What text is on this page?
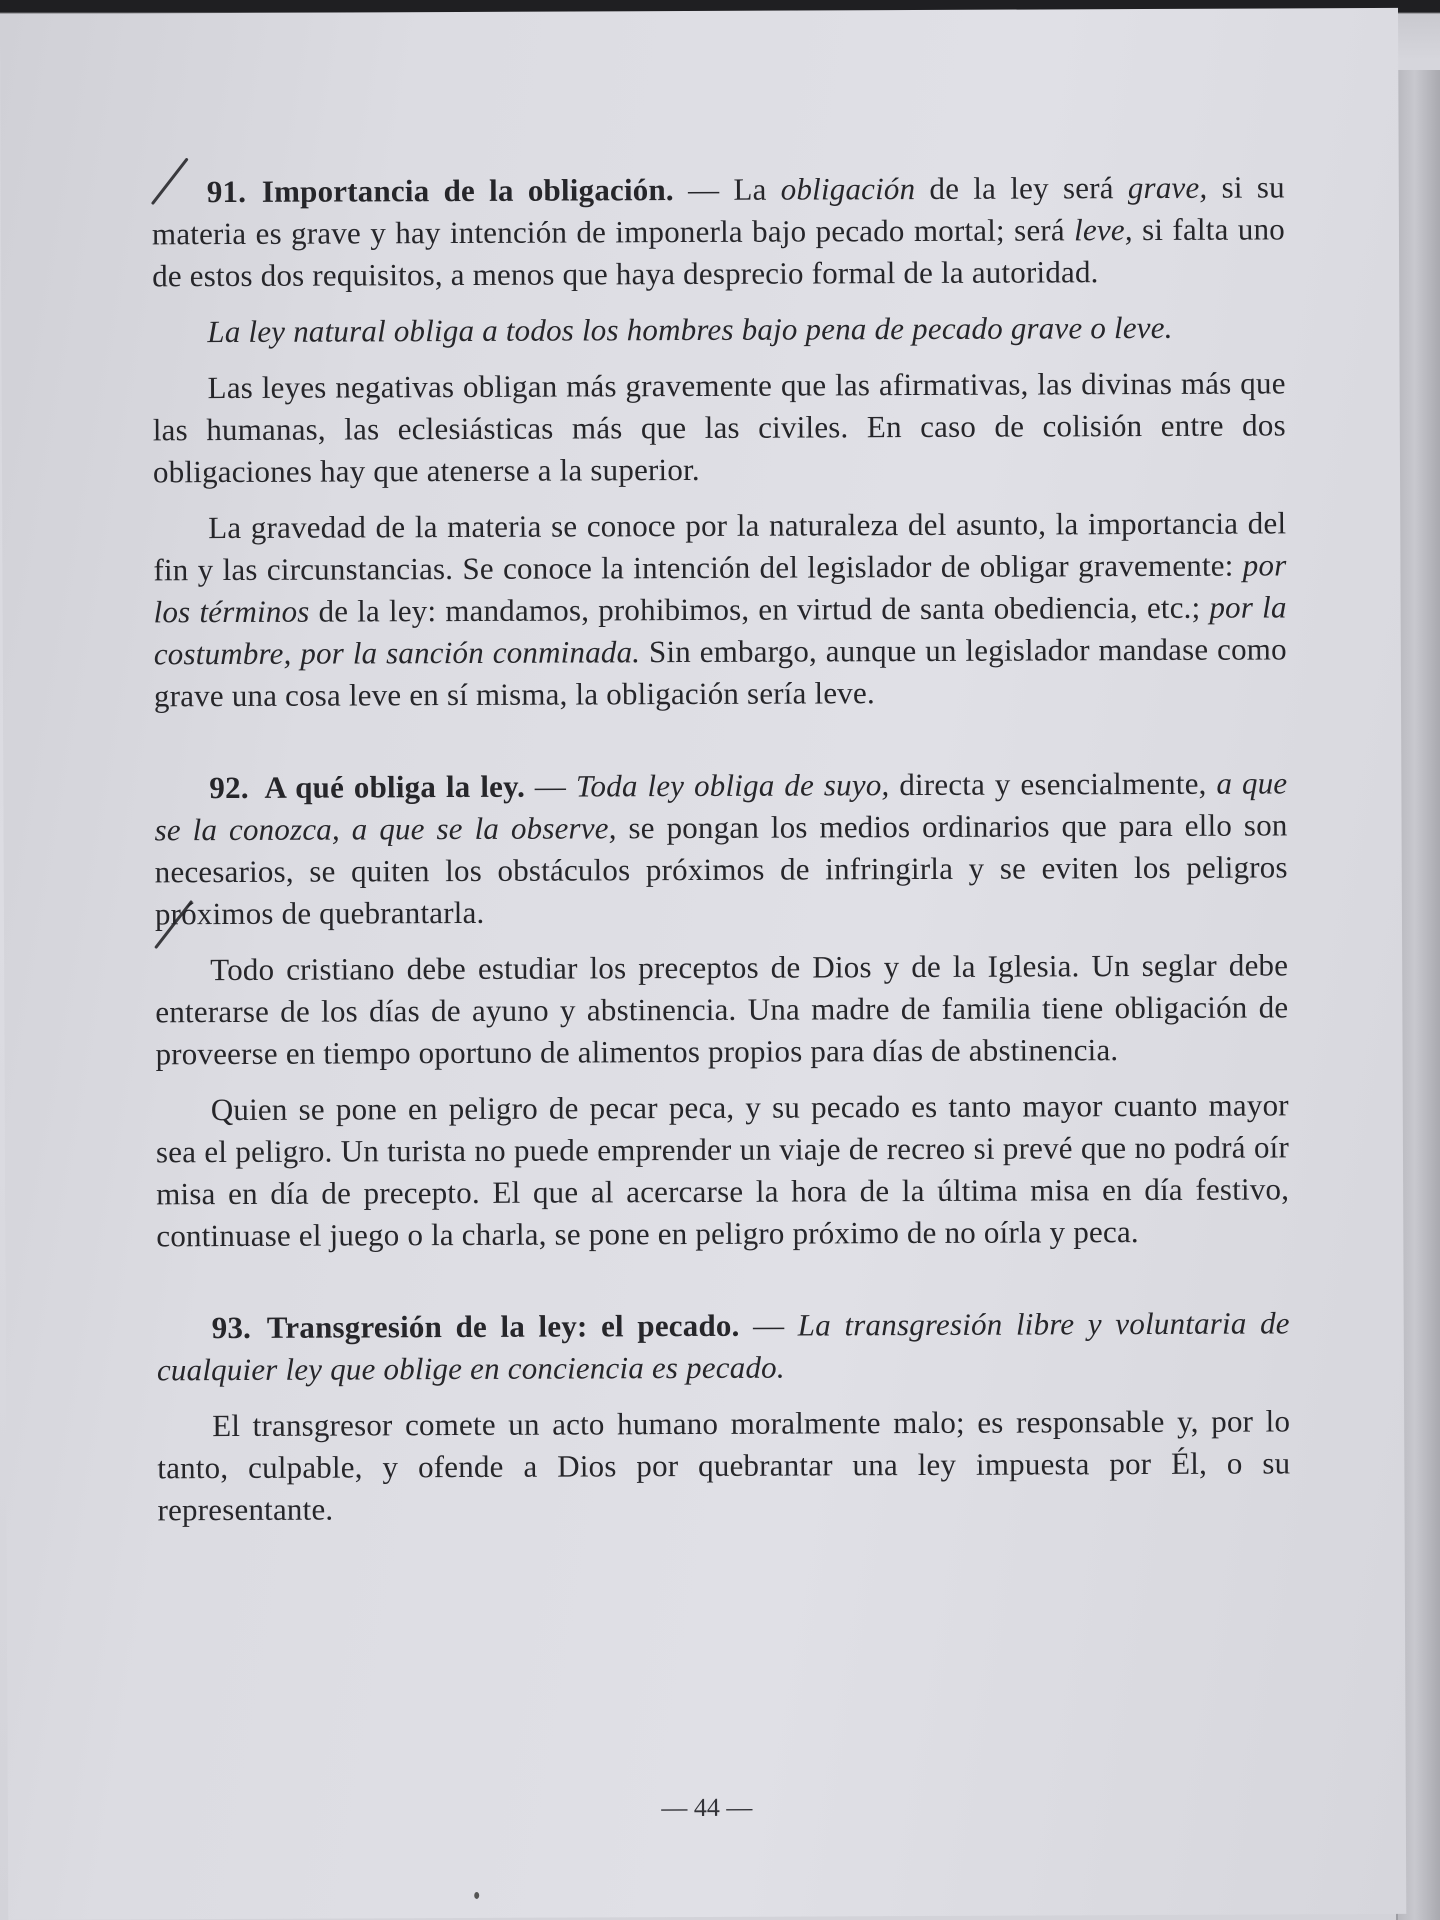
91.  Importancia de la obligación. — La obligación de la ley será grave, si su materia es grave y hay intención de imponerla bajo pecado mortal; será leve, si falta uno de estos dos requisitos, a menos que haya desprecio formal de la autoridad.

La ley natural obliga a todos los hombres bajo pena de pecado grave o leve.

Las leyes negativas obligan más gravemente que las afirmativas, las divinas más que las humanas, las eclesiásticas más que las civiles. En caso de colisión entre dos obligaciones hay que atenerse a la superior.

La gravedad de la materia se conoce por la naturaleza del asunto, la importancia del fin y las circunstancias. Se conoce la intención del legislador de obligar gravemente: por los términos de la ley: mandamos, prohibimos, en virtud de santa obediencia, etc.; por la costumbre, por la sanción conminada. Sin embargo, aunque un legislador mandase como grave una cosa leve en sí misma, la obligación sería leve.

92.  A qué obliga la ley. — Toda ley obliga de suyo, directa y esencialmente, a que se la conozca, a que se la observe, se pongan los medios ordinarios que para ello son necesarios, se quiten los obstáculos próximos de infringirla y se eviten los peligros próximos de quebrantarla.

Todo cristiano debe estudiar los preceptos de Dios y de la Iglesia. Un seglar debe enterarse de los días de ayuno y abstinencia. Una madre de familia tiene obligación de proveerse en tiempo oportuno de alimentos propios para días de abstinencia.

Quien se pone en peligro de pecar peca, y su pecado es tanto mayor cuanto mayor sea el peligro. Un turista no puede emprender un viaje de recreo si prevé que no podrá oír misa en día de precepto. El que al acercarse la hora de la última misa en día festivo, continuase el juego o la charla, se pone en peligro próximo de no oírla y peca.

93.  Transgresión de la ley: el pecado. — La transgresión libre y voluntaria de cualquier ley que oblige en conciencia es pecado.

El transgresor comete un acto humano moralmente malo; es responsable y, por lo tanto, culpable, y ofende a Dios por quebrantar una ley impuesta por Él, o su representante.

— 44 —
